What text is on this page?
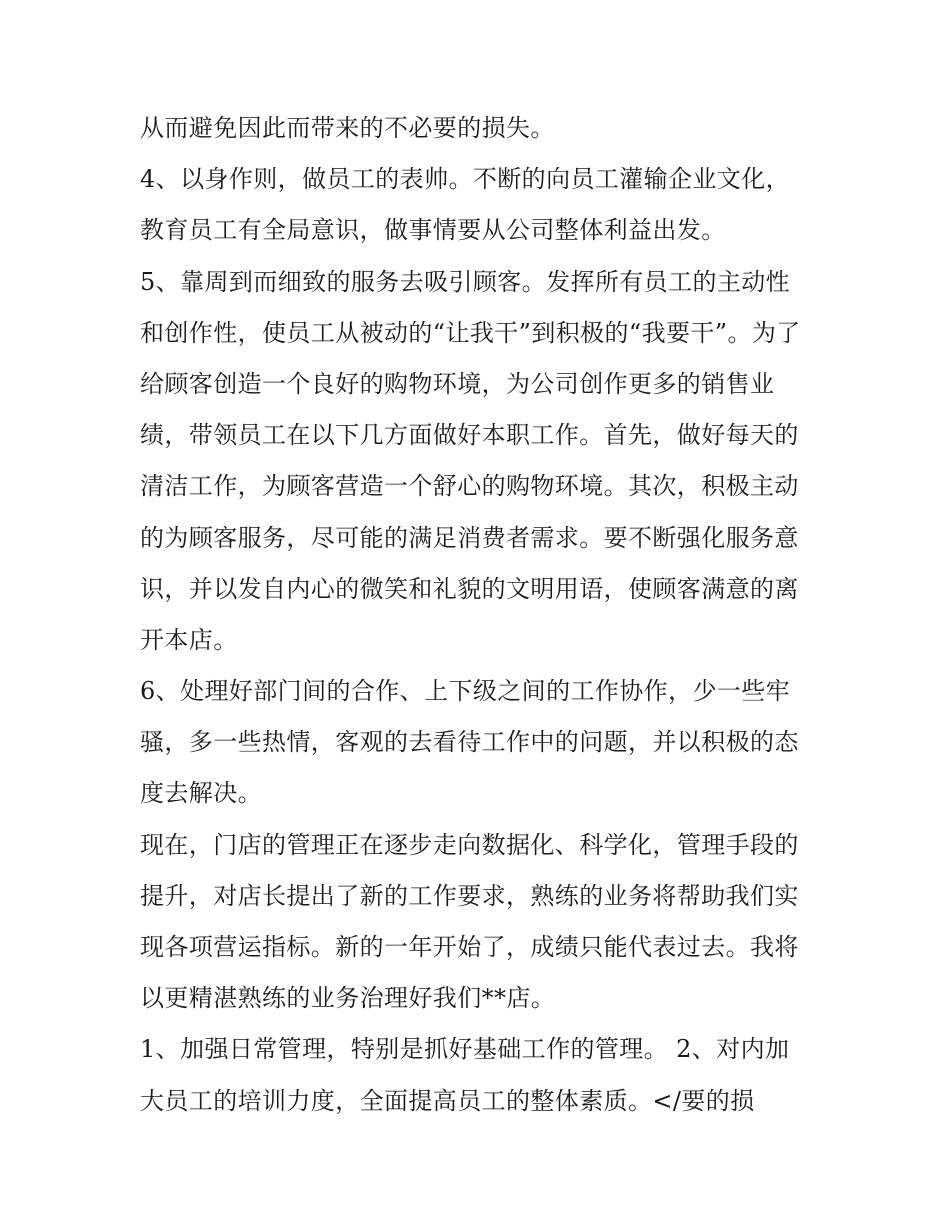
从而避免因此而带来的不必要的损失。
4、以身作则，做员工的表帅。不断的向员工灌输企业文化，
教育员工有全局意识，做事情要从公司整体利益出发。
5、靠周到而细致的服务去吸引顾客。发挥所有员工的主动性
和创作性，使员工从被动的“让我干”到积极的“我要干”。为了
给顾客创造一个良好的购物环境，为公司创作更多的销售业
绩，带领员工在以下几方面做好本职工作。首先，做好每天的
清洁工作，为顾客营造一个舒心的购物环境。其次，积极主动
的为顾客服务，尽可能的满足消费者需求。要不断强化服务意
识，并以发自内心的微笑和礼貌的文明用语，使顾客满意的离
开本店。
6、处理好部门间的合作、上下级之间的工作协作，少一些牢
骚，多一些热情，客观的去看待工作中的问题，并以积极的态
度去解决。
现在，门店的管理正在逐步走向数据化、科学化，管理手段的
提升，对店长提出了新的工作要求，熟练的业务将帮助我们实
现各项营运指标。新的一年开始了，成绩只能代表过去。我将
以更精湛熟练的业务治理好我们**店。
1、加强日常管理，特别是抓好基础工作的管理。 2、对内加
大员工的培训力度，全面提高员工的整体素质。</要的损
